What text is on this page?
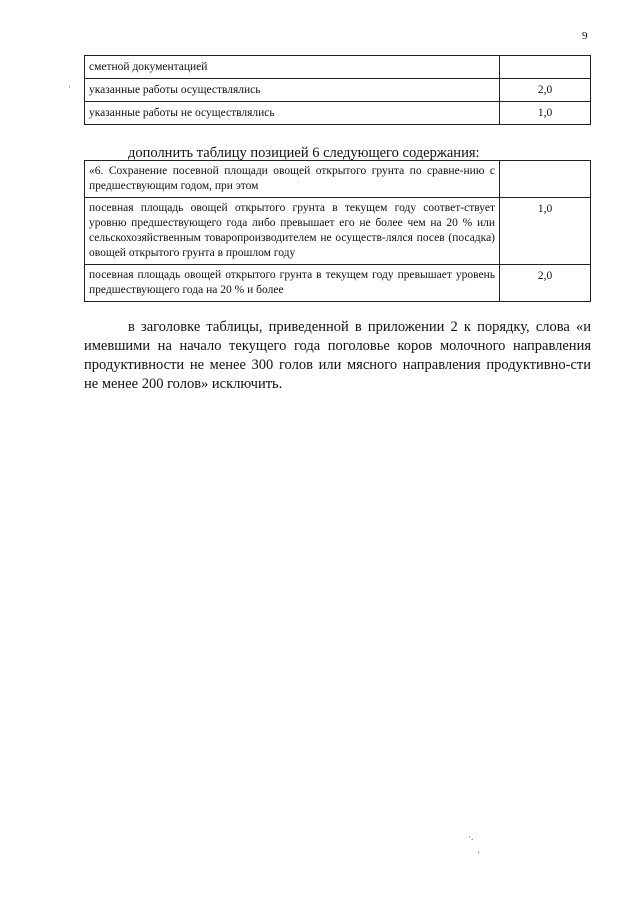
9
сметной документацией	
указанные работы осуществлялись	2,0
указанные работы не осуществлялись	1,0
дополнить таблицу позицией 6 следующего содержания:
«6. Сохранение посевной площади овощей открытого грунта по сравне-нию с предшествующим годом, при этом	
посевная площадь овощей открытого грунта в текущем году соответ-ствует уровню предшествующего года либо превышает его не более чем на 20 % или сельскохозяйственным товаропроизводителем не осуществ-лялся посев (посадка) овощей открытого грунта в прошлом году	1,0
посевная площадь овощей открытого грунта в текущем году превышает уровень предшествующего года на 20 % и более	2,0
в заголовке таблицы, приведенной в приложении 2 к порядку, слова «и имевшими на начало текущего года поголовье коров молочного направления продуктивности не менее 300 голов или мясного направления продуктивно-сти не менее 200 голов» исключить.
·
·.
'
